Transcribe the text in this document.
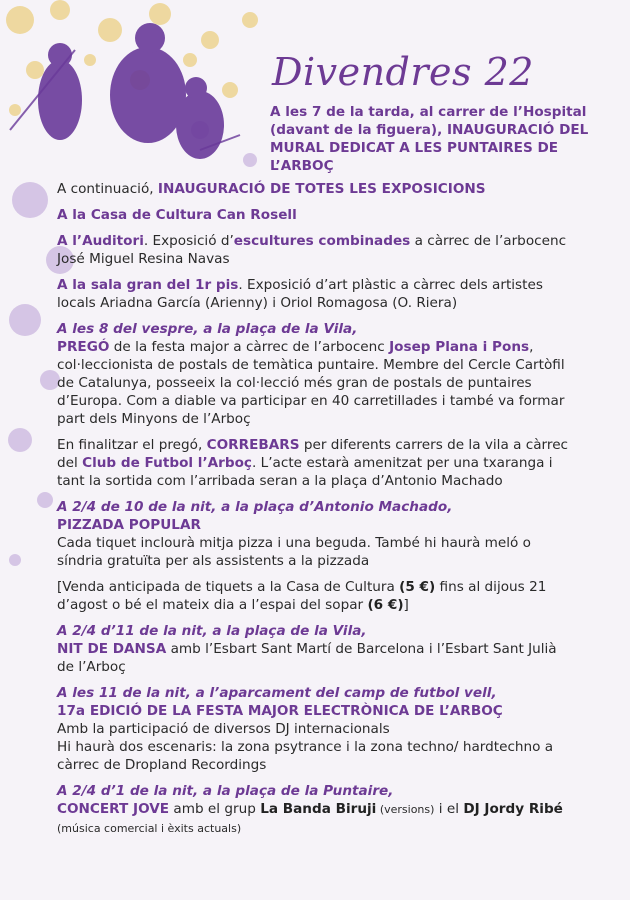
Divendres 22
A les 7 de la tarda, al carrer de l’Hospital (davant de la figuera), INAUGURACIÓ DEL MURAL DEDICAT A LES PUNTAIRES DE L’ARBOÇ

A continuació, INAUGURACIÓ DE TOTES LES EXPOSICIONS

A la Casa de Cultura Can Rosell

A l’Auditori. Exposició d’escultures combinades a càrrec de l’arbocenc José Miguel Resina Navas

A la sala gran del 1r pis. Exposició d’art plàstic a càrrec dels artistes locals Ariadna García (Arienny) i Oriol Romagosa (O. Riera)

A les 8 del vespre, a la plaça de la Vila,
PREGÓ de la festa major a càrrec de l’arbocenc Josep Plana i Pons, col·leccionista de postals de temàtica puntaire. Membre del Cercle Cartòfil de Catalunya, posseeix la col·lecció més gran de postals de puntaires d’Europa. Com a diable va participar en 40 carretillades i també va formar part dels Minyons de l’Arboç

En finalitzar el pregó, CORREBARS per diferents carrers de la vila a càrrec del Club de Futbol l’Arboç. L’acte estarà amenitzat per una txaranga i tant la sortida com l’arribada seran a la plaça d’Antonio Machado

A 2/4 de 10 de la nit, a la plaça d’Antonio Machado,
PIZZADA POPULAR
Cada tiquet inclourà mitja pizza i una beguda. També hi haurà meló o síndria gratuïta per als assistents a la pizzada

[Venda anticipada de tiquets a la Casa de Cultura (5 €) fins al dijous 21 d’agost o bé el mateix dia a l’espai del sopar (6 €)]

A 2/4 d’11 de la nit, a la plaça de la Vila,
NIT DE DANSA amb l’Esbart Sant Martí de Barcelona i l’Esbart Sant Julià de l’Arboç

A les 11 de la nit, a l’aparcament del camp de futbol vell,
17a EDICIÓ DE LA FESTA MAJOR ELECTRÒNICA DE L’ARBOÇ
Amb la participació de diversos DJ internacionals
Hi haurà dos escenaris: la zona psytrance i la zona techno/ hardtechno a càrrec de Dropland Recordings

A 2/4 d’1 de la nit, a la plaça de la Puntaire,
CONCERT JOVE amb el grup La Banda Biruji (versions) i el DJ Jordy Ribé (música comercial i èxits actuals)
